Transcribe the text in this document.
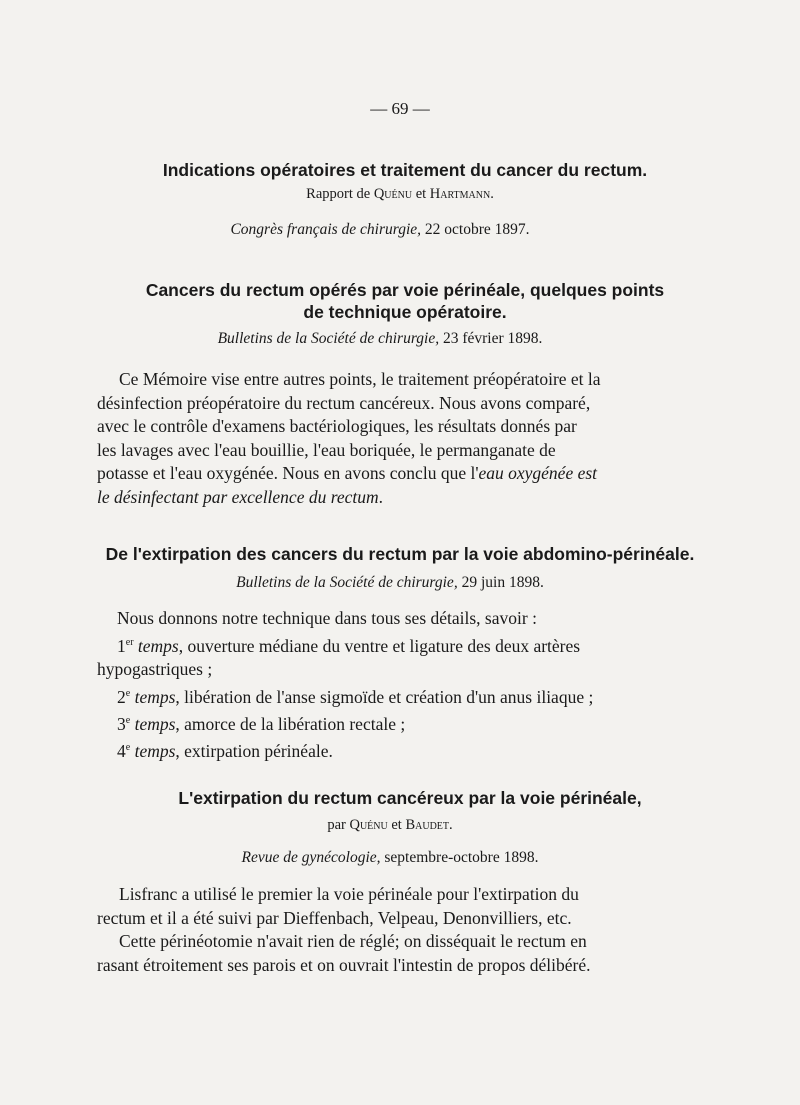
— 69 —
Indications opératoires et traitement du cancer du rectum.
Rapport de Quénu et Hartmann.
Congrès français de chirurgie, 22 octobre 1897.
Cancers du rectum opérés par voie périnéale, quelques points
de technique opératoire.
Bulletins de la Société de chirurgie, 23 février 1898.
Ce Mémoire vise entre autres points, le traitement préopératoire et la
désinfection préopératoire du rectum cancéreux. Nous avons comparé,
avec le contrôle d'examens bactériologiques, les résultats donnés par
les lavages avec l'eau bouillie, l'eau boriquée, le permanganate de
potasse et l'eau oxygénée. Nous en avons conclu que l'eau oxygénée est
le désinfectant par excellence du rectum.
De l'extirpation des cancers du rectum par la voie abdomino-périnéale.
Bulletins de la Société de chirurgie, 29 juin 1898.
Nous donnons notre technique dans tous ses détails, savoir :
1er temps, ouverture médiane du ventre et ligature des deux artères
hypogastriques ;
2e temps, libération de l'anse sigmoïde et création d'un anus iliaque ;
3e temps, amorce de la libération rectale ;
4e temps, extirpation périnéale.
L'extirpation du rectum cancéreux par la voie périnéale,
par Quénu et Baudet.
Revue de gynécologie, septembre-octobre 1898.
Lisfranc a utilisé le premier la voie périnéale pour l'extirpation du
rectum et il a été suivi par Dieffenbach, Velpeau, Denonvilliers, etc.
Cette périnéotomie n'avait rien de réglé; on disséquait le rectum en
rasant étroitement ses parois et on ouvrait l'intestin de propos délibéré.
